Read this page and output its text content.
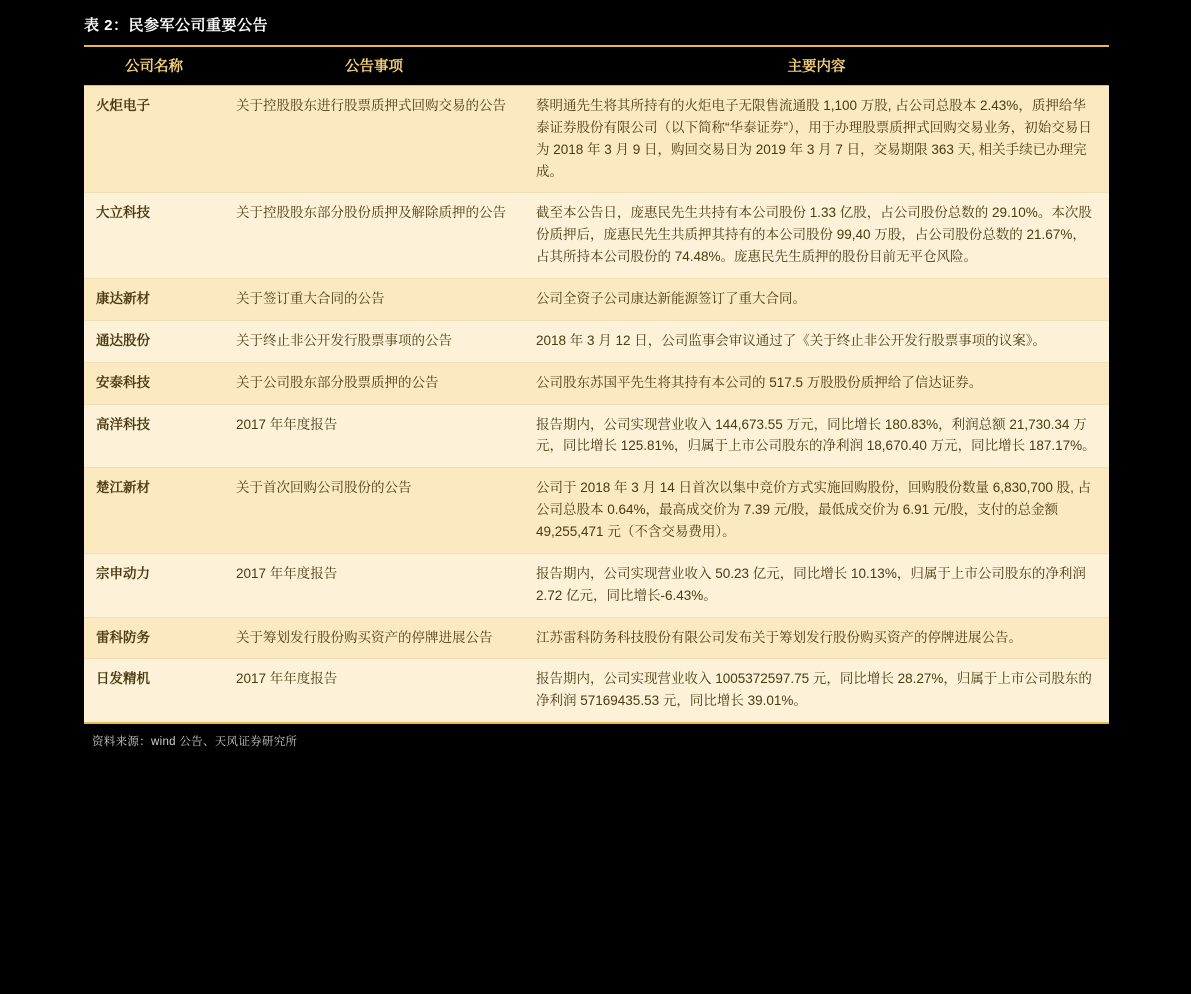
表 2：民参军公司重要公告
公司名称	公告事项	主要内容
火炬电子	关于控股股东进行股票质押式回购交易的公告	蔡明通先生将其所持有的火炬电子无限售流通股 1,100 万股, 占公司总股本 2.43%，质押给华泰证券股份有限公司（以下简称“华泰证券”），用于办理股票质押式回购交易业务，初始交易日为 2018 年 3 月 9 日，购回交易日为 2019 年 3 月 7 日，交易期限 363 天, 相关手续已办理完成。
大立科技	关于控股股东部分股份质押及解除质押的公告	截至本公告日，庞惠民先生共持有本公司股份 1.33 亿股，占公司股份总数的 29.10%。本次股份质押后，庞惠民先生共质押其持有的本公司股份 99,40 万股，占公司股份总数的 21.67%，占其所持本公司股份的 74.48%。庞惠民先生质押的股份目前无平仓风险。
康达新材	关于签订重大合同的公告	公司全资子公司康达新能源签订了重大合同。
通达股份	关于终止非公开发行股票事项的公告	2018 年 3 月 12 日，公司监事会审议通过了《关于终止非公开发行股票事项的议案》。
安泰科技	关于公司股东部分股票质押的公告	公司股东苏国平先生将其持有本公司的 517.5 万股股份质押给了信达证券。
高洋科技	2017 年年度报告	报告期内，公司实现营业收入 144,673.55 万元，同比增长 180.83%，利润总额 21,730.34 万元，同比增长 125.81%，归属于上市公司股东的净利润 18,670.40 万元，同比增长 187.17%。
楚江新材	关于首次回购公司股份的公告	公司于 2018 年 3 月 14 日首次以集中竞价方式实施回购股份，回购股份数量 6,830,700 股, 占公司总股本 0.64%，最高成交价为 7.39 元/股，最低成交价为 6.91 元/股，支付的总金额 49,255,471 元（不含交易费用）。
宗申动力	2017 年年度报告	报告期内，公司实现营业收入 50.23 亿元，同比增长 10.13%，归属于上市公司股东的净利润 2.72 亿元，同比增长-6.43%。
雷科防务	关于筹划发行股份购买资产的停牌进展公告	江苏雷科防务科技股份有限公司发布关于筹划发行股份购买资产的停牌进展公告。
日发精机	2017 年年度报告	报告期内，公司实现营业收入 1005372597.75 元，同比增长 28.27%，归属于上市公司股东的净利润 57169435.53 元，同比增长 39.01%。
资料来源：wind 公告、天风证券研究所
